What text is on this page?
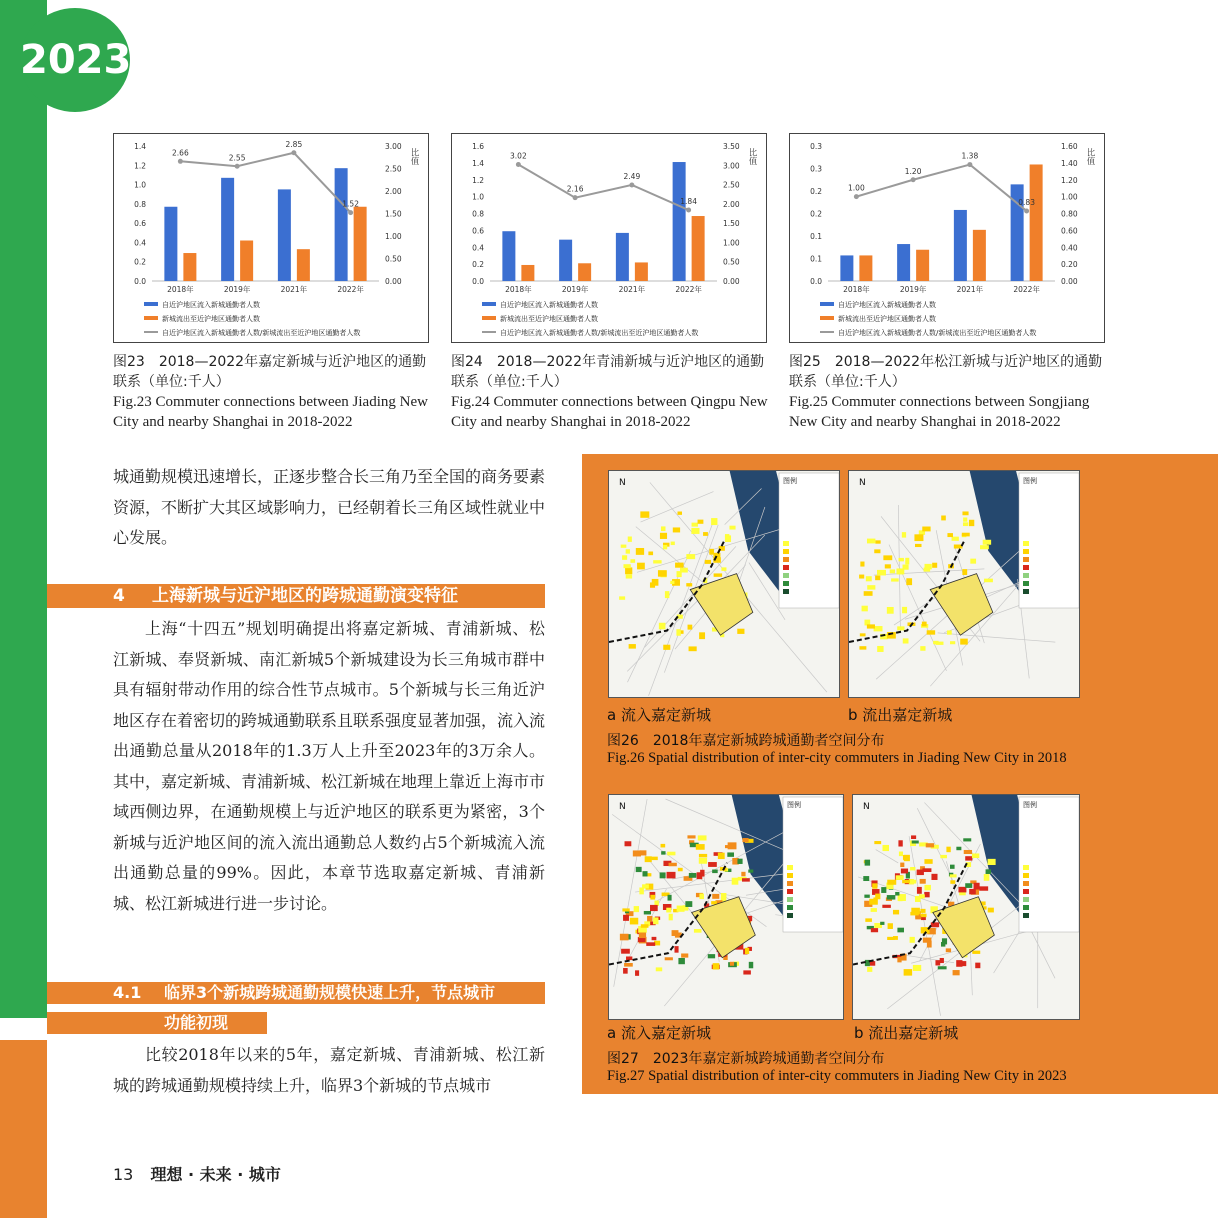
2023
0.0
0.2
0.4
0.6
0.8
1.0
1.2
1.4
0.00
0.50
1.00
1.50
2.00
2.50
3.00
比值
2018年	2019年	2021年	2022年
2.66
2.55
2.85
1.52
自近沪地区流入新城通勤者人数
新城流出至近沪地区通勤者人数
自近沪地区流入新城通勤者人数/新城流出至近沪地区通勤者人数
0.0
0.2
0.4
0.6
0.8
1.0
1.2
1.4
1.6
0.00
0.50
1.00
1.50
2.00
2.50
3.00
3.50
比值
2018年	2019年	2021年	2022年
3.02
2.16
2.49
1.84
自近沪地区流入新城通勤者人数
新城流出至近沪地区通勤者人数
自近沪地区流入新城通勤者人数/新城流出至近沪地区通勤者人数
0.0
0.1
0.1
0.2
0.2
0.3
0.3
0.00
0.20
0.40
0.60
0.80
1.00
1.20
1.40
1.60
比值
2018年	2019年	2021年	2022年
1.00
1.20
1.38
0.83
自近沪地区流入新城通勤者人数
新城流出至近沪地区通勤者人数
自近沪地区流入新城通勤者人数/新城流出至近沪地区通勤者人数
图23　2018—2022年嘉定新城与近沪地区的通勤联系（单位:千人）
Fig.23 Commuter connections between Jiading New City and nearby Shanghai in 2018-2022
图24　2018—2022年青浦新城与近沪地区的通勤联系（单位:千人）
Fig.24 Commuter connections between Qingpu New City and nearby Shanghai in 2018-2022
图25　2018—2022年松江新城与近沪地区的通勤联系（单位:千人）
Fig.25 Commuter connections between Songjiang New City and nearby Shanghai in 2018-2022

城通勤规模迅速增长，正逐步整合长三角乃至全国的商务要素资源，不断扩大其区域影响力，已经朝着长三角区域性就业中心发展。

4 上海新城与近沪地区的跨城通勤演变特征

上海“十四五”规划明确提出将嘉定新城、青浦新城、松江新城、奉贤新城、南汇新城5个新城建设为长三角城市群中具有辐射带动作用的综合性节点城市。5个新城与长三角近沪地区存在着密切的跨城通勤联系且联系强度显著加强，流入流出通勤总量从2018年的1.3万人上升至2023年的3万余人。其中，嘉定新城、青浦新城、松江新城在地理上靠近上海市市域西侧边界，在通勤规模上与近沪地区的联系更为紧密，3个新城与近沪地区间的流入流出通勤总人数约占5个新城流入流出通勤总量的99%。因此，本章节选取嘉定新城、青浦新城、松江新城进行进一步讨论。

4.1 临界3个新城跨城通勤规模快速上升，节点城市
功能初现

比较2018年以来的5年，嘉定新城、青浦新城、松江新城的跨城通勤规模持续上升，临界3个新城的节点城市

N	图例	N	图例
a 流入嘉定新城	b 流出嘉定新城
图26　2018年嘉定新城跨城通勤者空间分布
Fig.26 Spatial distribution of inter-city commuters in Jiading New City in 2018
N	图例	N	图例
a 流入嘉定新城	b 流出嘉定新城
图27　2023年嘉定新城跨城通勤者空间分布
Fig.27 Spatial distribution of inter-city commuters in Jiading New City in 2023
13 理想 · 未来 · 城市
